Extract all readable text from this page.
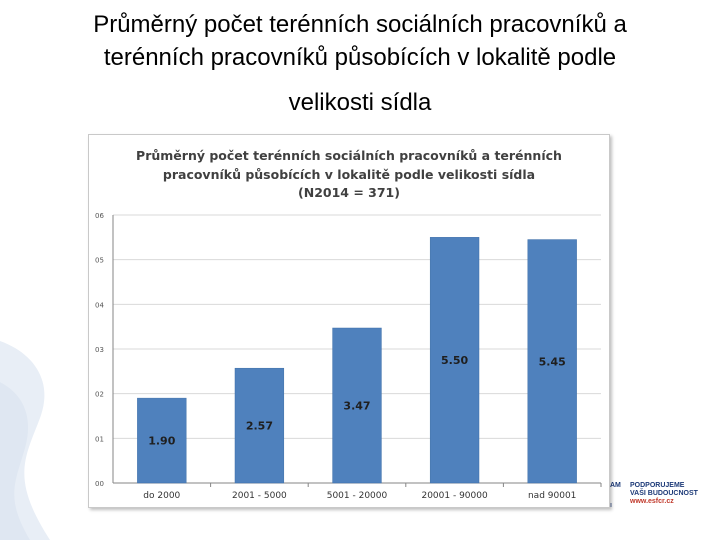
Průměrný počet terénních sociálních pracovníků a
terénních pracovníků působících v lokalitě podle
velikosti sídla
AM PODPORUJEME
VAŠI BUDOUCNOST
www.esfcr.cz
Průměrný počet terénních sociálních pracovníků a terénních
pracovníků působících v lokalitě podle velikosti sídla
(N2014 = 371)
00
01
02
03
04
05
06
do 2000
1.90
2001 - 5000
2.57
5001 - 20000
3.47
20001 - 90000
5.50
nad 90001
5.45
